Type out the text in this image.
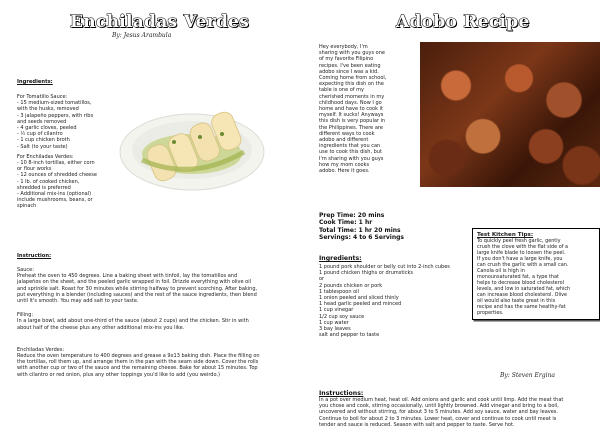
Enchiladas Verdes
By: Jesus Arambula
Ingredients:
For Tomatillo Sauce:
- 15 medium-sized tomatillos,
with the husks, removed
- 3 jalapeño peppers, with ribs
and seeds removed
- 4 garlic cloves, peeled
- ½ cup of cilantro
- 1 cup chicken broth
- Salt (to your taste)
For Enchiladas Verdes:
- 10 8-inch tortillas, either corn
or flour works
- 12 ounces of shredded cheese
- 1 lb. of cooked chicken,
shredded is preferred
- Additional mix-ins (optional)
include mushrooms, beans, or
spinach
Instruction:
Sauce:
Preheat the oven to 450 degrees. Line a baking sheet with tinfoil, lay the tomatillos and
jalapeños on the sheet, and the peeled garlic wrapped in foil. Drizzle everything with olive oil
and sprinkle salt. Roast for 30 minutes while stirring halfway to prevent scorching. After baking,
put everything in a blender (including sauces) and the rest of the sauce ingredients, then blend
until it's smooth. You may add salt to your taste.
Filling:
In a large bowl, add about one-third of the sauce (about 2 cups) and the chicken. Stir in with
about half of the cheese plus any other additional mix-ins you like.
Enchiladas Verdes:
Reduce the oven temperature to 400 degrees and grease a 9x13 baking dish. Place the filling on
the tortillas, roll them up, and arrange them in the pan with the seam side down. Cover the rolls
with another cup or two of the sauce and the remaining cheese. Bake for about 15 minutes. Top
with cilantro or red onion, plus any other toppings you'd like to add (you weirdo.)
Adobo Recipe
Hey everybody, I'm
sharing with you guys one
of my favorite Filipino
recipes. I've been eating
adobo since I was a kid.
Coming home from school,
expecting this dish on the
table is one of my
cherished moments in my
childhood days. Now I go
home and have to cook it
myself. It sucks! Anyways
this dish is very popular in
the Philippines. There are
different ways to cook
adobo and different
ingredients that you can
use to cook this dish, but
I'm sharing with you guys
how my mom cooks
adobo. Here it goes.
Prep Time: 20 mins
Cook Time: 1 hr
Total Time: 1 hr 20 mins
Servings: 4 to 6 Servings
Ingredients:
1 pound pork shoulder or belly cut into 2-inch cubes
1 pound chicken thighs or drumsticks
or
2 pounds chicken or pork
1 tablespoon oil
1 onion peeled and sliced thinly
1 head garlic peeled and minced
1 cup vinegar
1/2 cup soy sauce
1 cup water
3 bay leaves
salt and pepper to taste
Test Kitchen Tips:
To quickly peel fresh garlic, gently
crush the clove with the flat side of a
large knife blade to loosen the peel.
If you don't have a large knife, you
can crush the garlic with a small can.
Canola oil is high in
monounsaturated fat, a type that
helps to decrease blood cholesterol
levels, and low in saturated fat, which
can increase blood cholesterol. Olive
oil would also taste great in this
recipe and has the same healthy-fat
properties.
By: Steven Ergina
Instructions:
In a pot over medium heat, heat oil. Add onions and garlic and cook until limp. Add the meat that
you chose and cook, stirring occasionally, until lightly browned. Add vinegar and bring to a boil,
uncovered and without stirring, for about 3 to 5 minutes. Add soy sauce, water and bay leaves.
Continue to boil for about 2 to 3 minutes. Lower heat, cover and continue to cook until meat is
tender and sauce is reduced. Season with salt and pepper to taste. Serve hot.
